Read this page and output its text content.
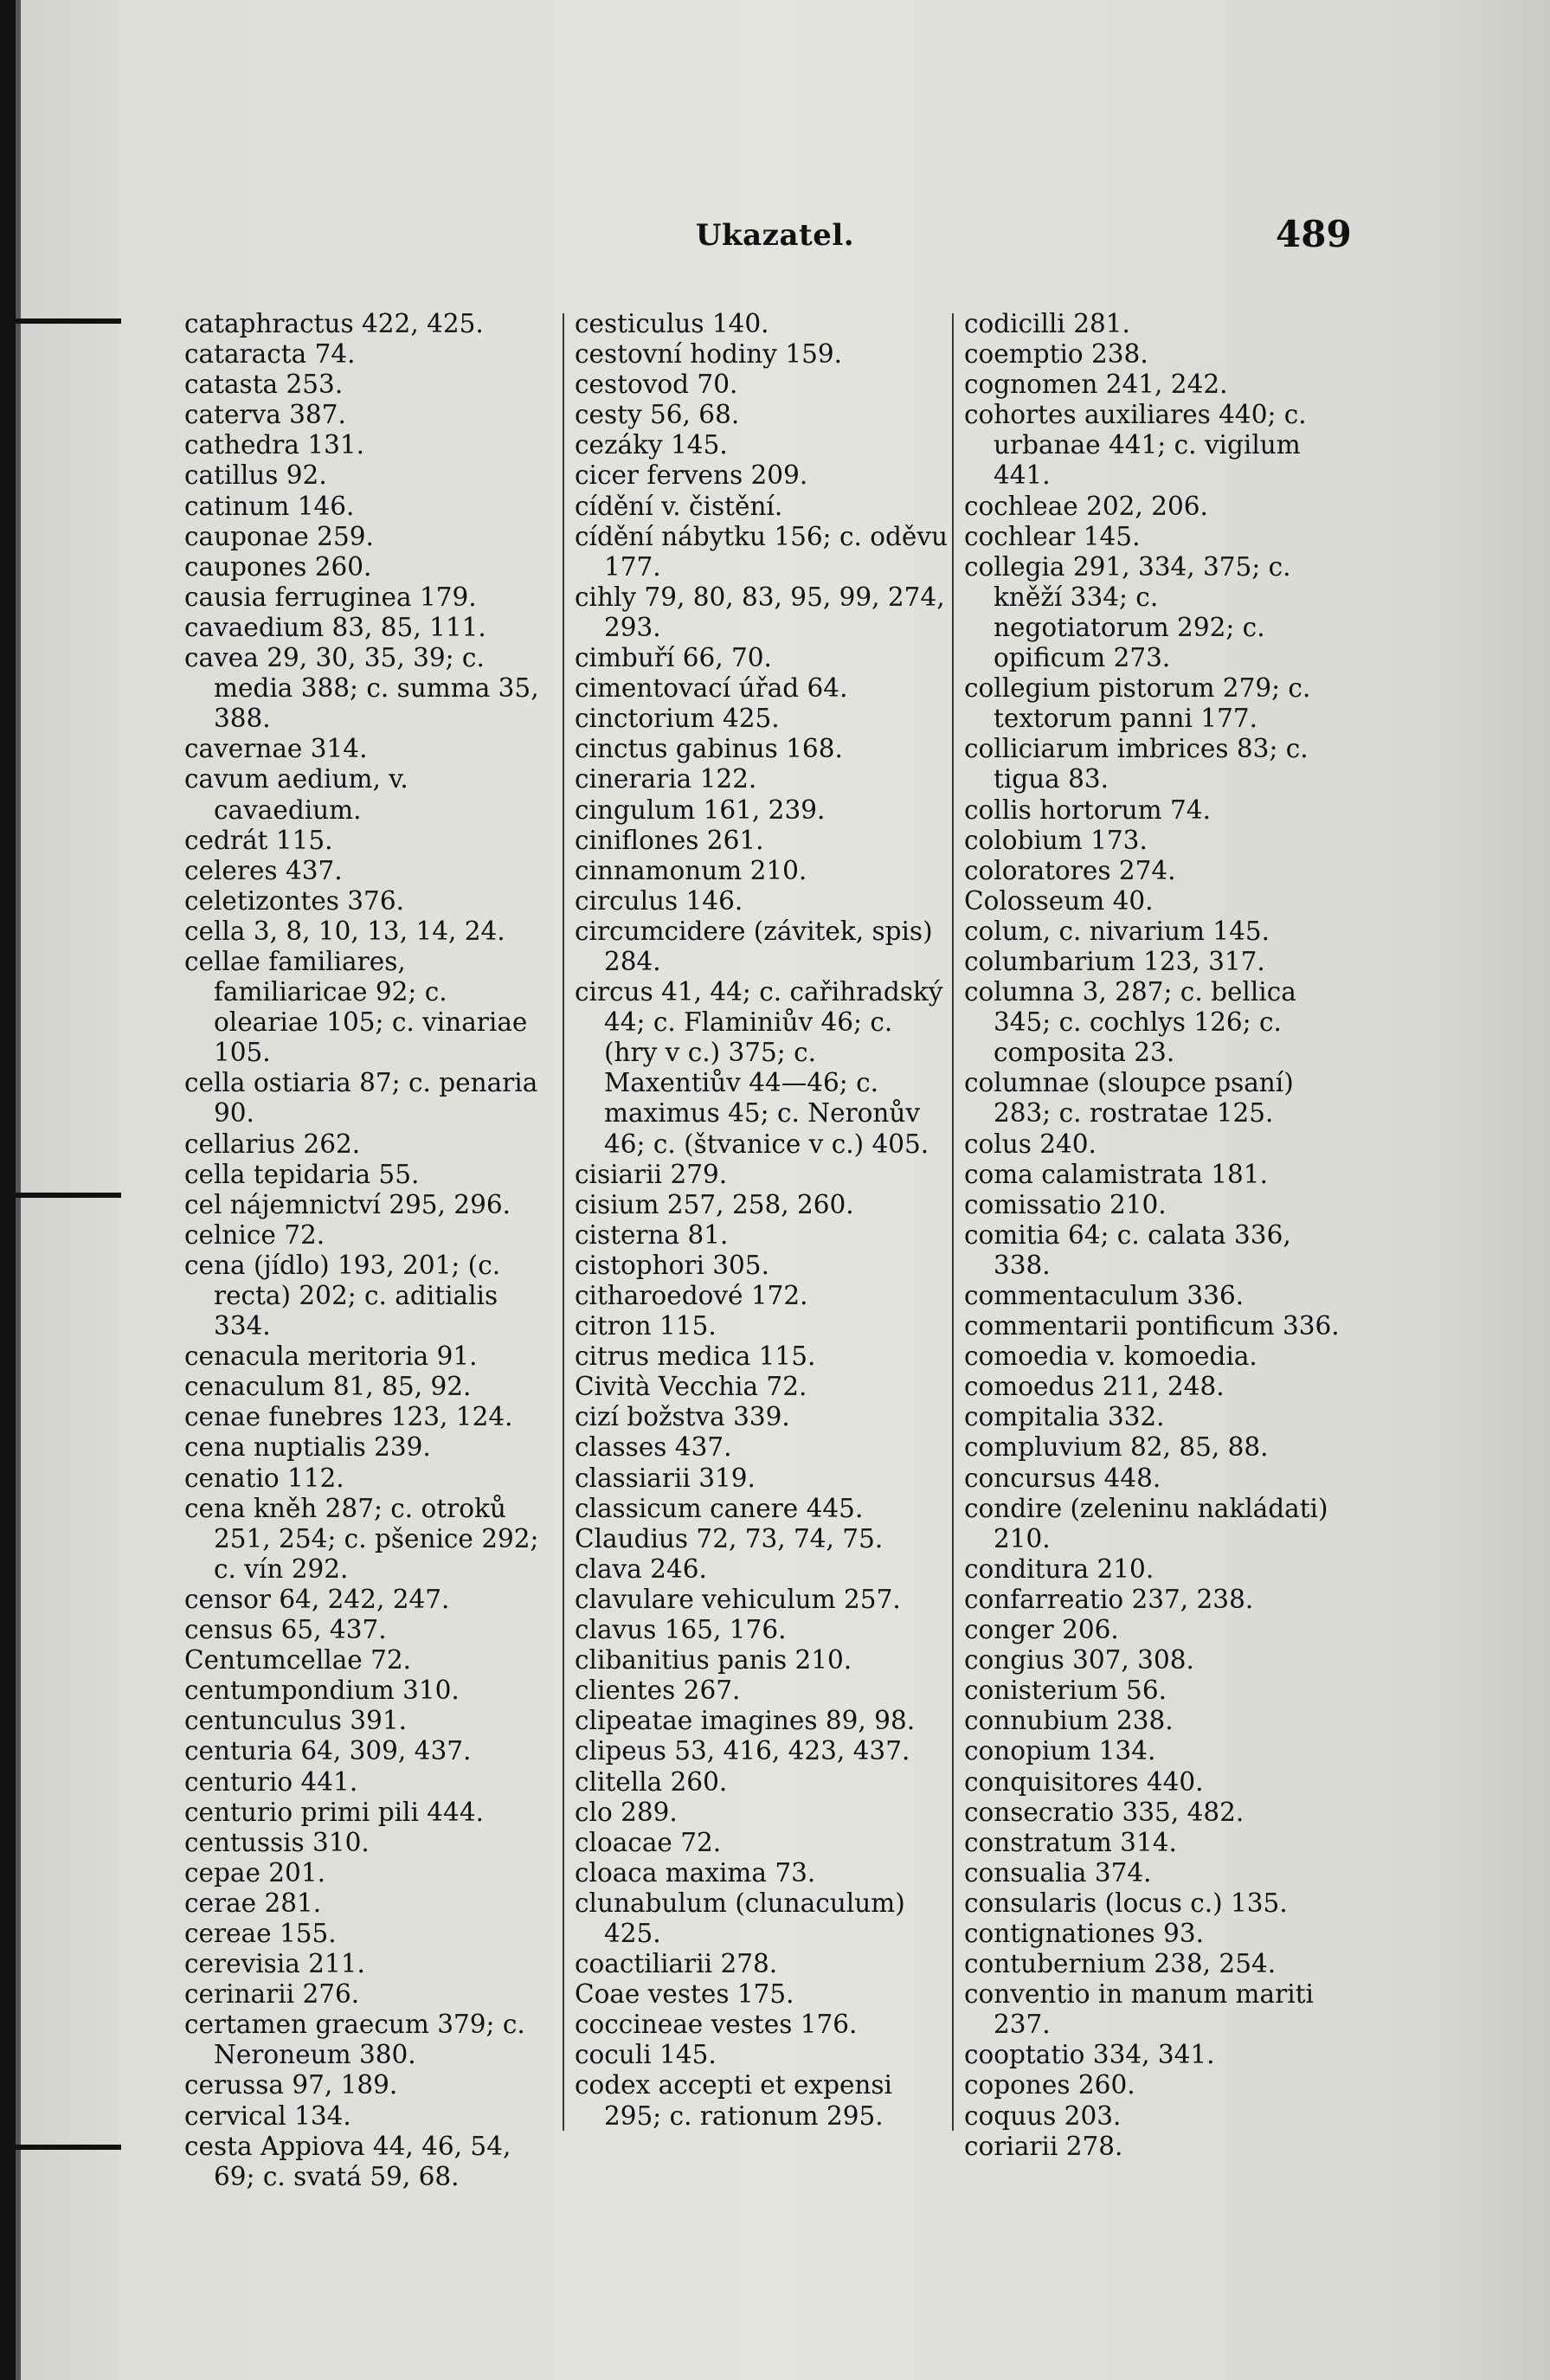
Ukazatel.	489

cataphractus 422, 425.

cataracta 74.

catasta 253.

caterva 387.

cathedra 131.

catillus 92.

catinum 146.

cauponae 259.

caupones 260.

causia ferruginea 179.

cavaedium 83, 85, 111.

cavea 29, 30, 35, 39; c. media 388; c. summa 35, 388.

cavernae 314.

cavum aedium, v. cavaedium.

cedrát 115.

celeres 437.

celetizontes 376.

cella 3, 8, 10, 13, 14, 24.

cellae familiares, familiaricae 92; c. oleariae 105; c. vinariae 105.

cella ostiaria 87; c. penaria 90.

cellarius 262.

cella tepidaria 55.

cel nájemnictví 295, 296.

celnice 72.

cena (jídlo) 193, 201; (c. recta) 202; c. aditialis 334.

cenacula meritoria 91.

cenaculum 81, 85, 92.

cenae funebres 123, 124.

cena nuptialis 239.

cenatio 112.

cena kněh 287; c. otroků 251, 254; c. pšenice 292; c. vín 292.

censor 64, 242, 247.

census 65, 437.

Centumcellae 72.

centumpondium 310.

centunculus 391.

centuria 64, 309, 437.

centurio 441.

centurio primi pili 444.

centussis 310.

cepae 201.

cerae 281.

cereae 155.

cerevisia 211.

cerinarii 276.

certamen graecum 379; c. Neroneum 380.

cerussa 97, 189.

cervical 134.

cesta Appiova 44, 46, 54, 69; c. svatá 59, 68.

cesticulus 140.

cestovní hodiny 159.

cestovod 70.

cesty 56, 68.

cezáky 145.

cicer fervens 209.

cídění v. čistění.

cídění nábytku 156; c. oděvu 177.

cihly 79, 80, 83, 95, 99, 274, 293.

cimbuří 66, 70.

cimentovací úřad 64.

cinctorium 425.

cinctus gabinus 168.

cineraria 122.

cingulum 161, 239.

ciniflones 261.

cinnamonum 210.

circulus 146.

circumcidere (závitek, spis) 284.

circus 41, 44; c. cařihradský 44; c. Flaminiův 46; c. (hry v c.) 375; c. Maxentiův 44—46; c. maximus 45; c. Neronův 46; c. (štvanice v c.) 405.

cisiarii 279.

cisium 257, 258, 260.

cisterna 81.

cistophori 305.

citharoedové 172.

citron 115.

citrus medica 115.

Cività Vecchia 72.

cizí božstva 339.

classes 437.

classiarii 319.

classicum canere 445.

Claudius 72, 73, 74, 75.

clava 246.

clavulare vehiculum 257.

clavus 165, 176.

clibanitius panis 210.

clientes 267.

clipeatae imagines 89, 98.

clipeus 53, 416, 423, 437.

clitella 260.

clo 289.

cloacae 72.

cloaca maxima 73.

clunabulum (clunaculum) 425.

coactiliarii 278.

Coae vestes 175.

coccineae vestes 176.

coculi 145.

codex accepti et expensi 295; c. rationum 295.

codicilli 281.

coemptio 238.

cognomen 241, 242.

cohortes auxiliares 440; c. urbanae 441; c. vigilum 441.

cochleae 202, 206.

cochlear 145.

collegia 291, 334, 375; c. kněží 334; c. negotiatorum 292; c. opificum 273.

collegium pistorum 279; c. textorum panni 177.

colliciarum imbrices 83; c. tigua 83.

collis hortorum 74.

colobium 173.

coloratores 274.

Colosseum 40.

colum, c. nivarium 145.

columbarium 123, 317.

columna 3, 287; c. bellica 345; c. cochlys 126; c. composita 23.

columnae (sloupce psaní) 283; c. rostratae 125.

colus 240.

coma calamistrata 181.

comissatio 210.

comitia 64; c. calata 336, 338.

commentaculum 336.

commentarii pontificum 336.

comoedia v. komoedia.

comoedus 211, 248.

compitalia 332.

compluvium 82, 85, 88.

concursus 448.

condire (zeleninu nakládati) 210.

conditura 210.

confarreatio 237, 238.

conger 206.

congius 307, 308.

conisterium 56.

connubium 238.

conopium 134.

conquisitores 440.

consecratio 335, 482.

constratum 314.

consualia 374.

consularis (locus c.) 135.

contignationes 93.

contubernium 238, 254.

conventio in manum mariti 237.

cooptatio 334, 341.

copones 260.

coquus 203.

coriarii 278.
